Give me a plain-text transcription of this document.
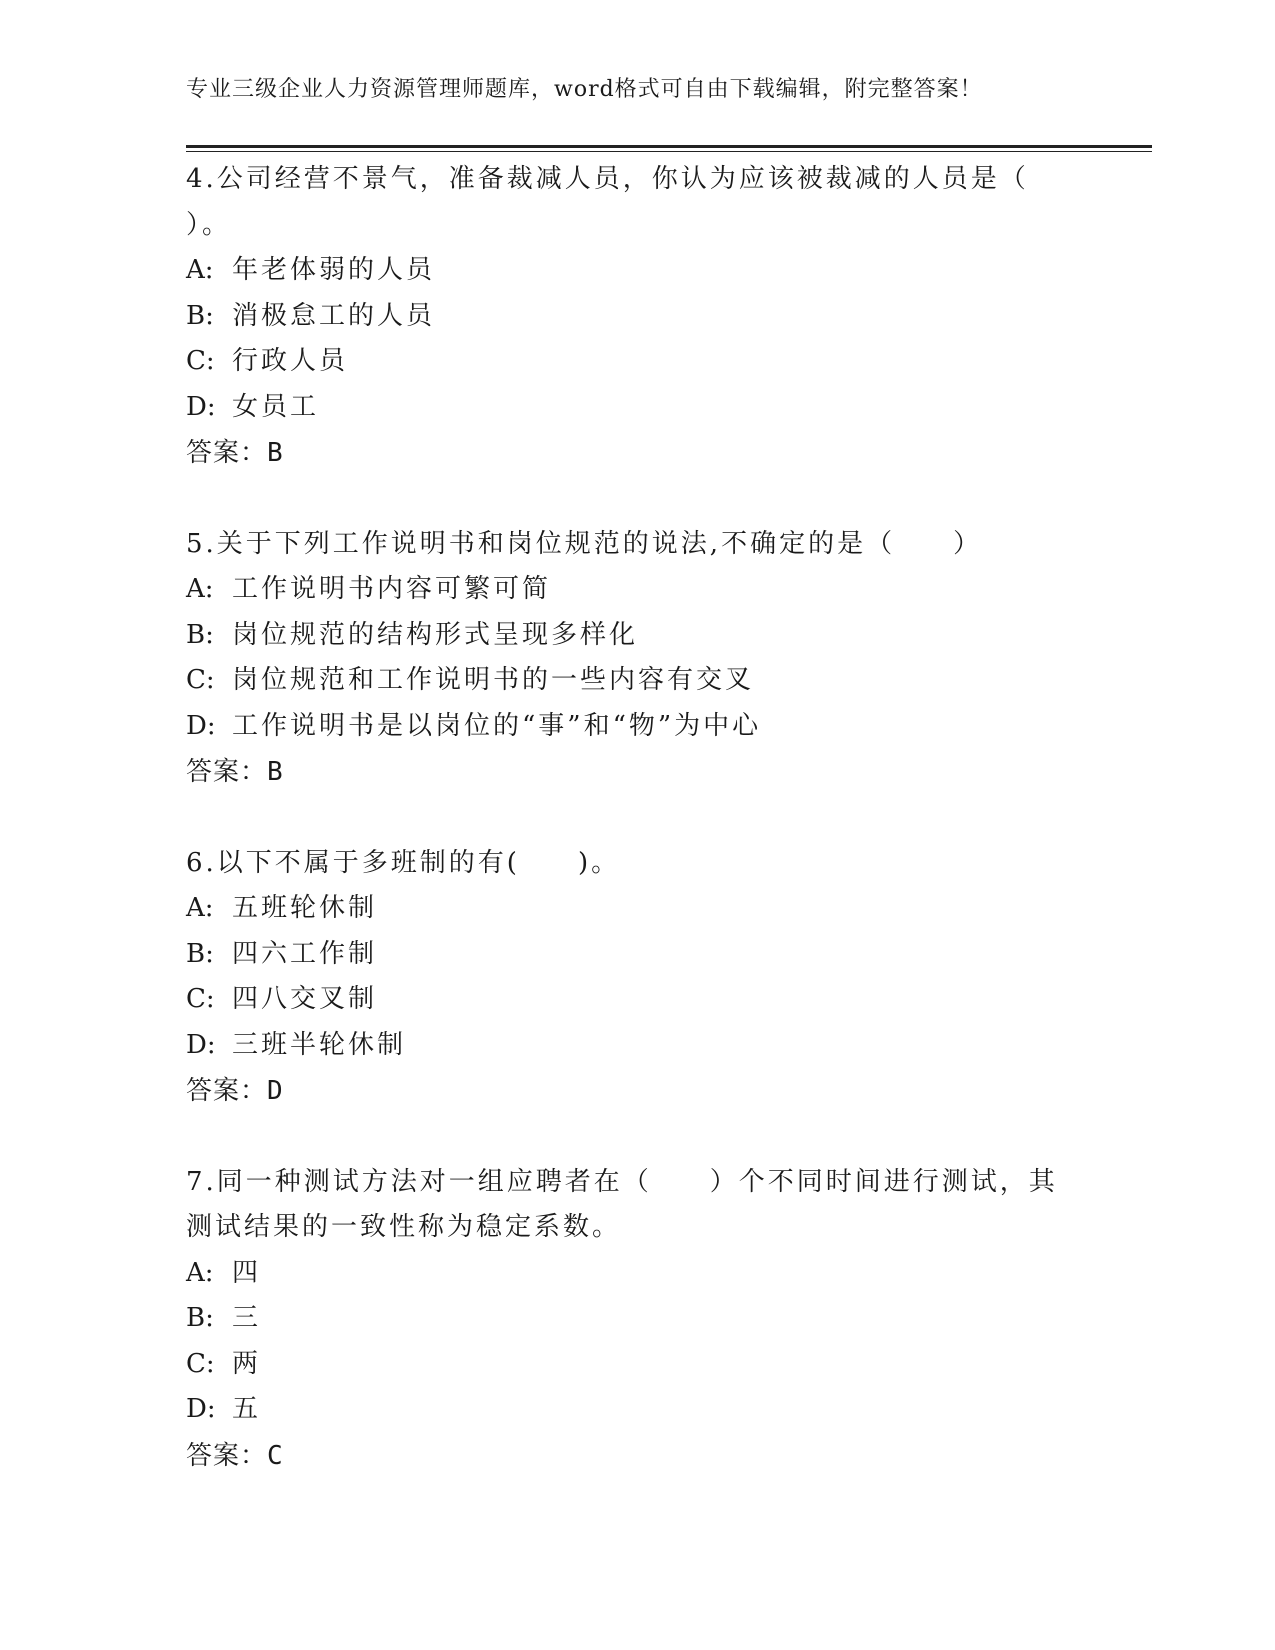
专业三级企业人力资源管理师题库，word格式可自由下载编辑，附完整答案！
4.公司经营不景气，准备裁减人员，你认为应该被裁减的人员是（
）。
A: 年老体弱的人员
B: 消极怠工的人员
C: 行政人员
D: 女员工
答案：B
5.关于下列工作说明书和岗位规范的说法,不确定的是（　　）
A: 工作说明书内容可繁可简
B: 岗位规范的结构形式呈现多样化
C: 岗位规范和工作说明书的一些内容有交叉
D: 工作说明书是以岗位的“事”和“物”为中心
答案：B
6.以下不属于多班制的有(　　)。
A: 五班轮休制
B: 四六工作制
C: 四八交叉制
D: 三班半轮休制
答案：D
7.同一种测试方法对一组应聘者在（　　）个不同时间进行测试，其
测试结果的一致性称为稳定系数。
A: 四
B: 三
C: 两
D: 五
答案：C
